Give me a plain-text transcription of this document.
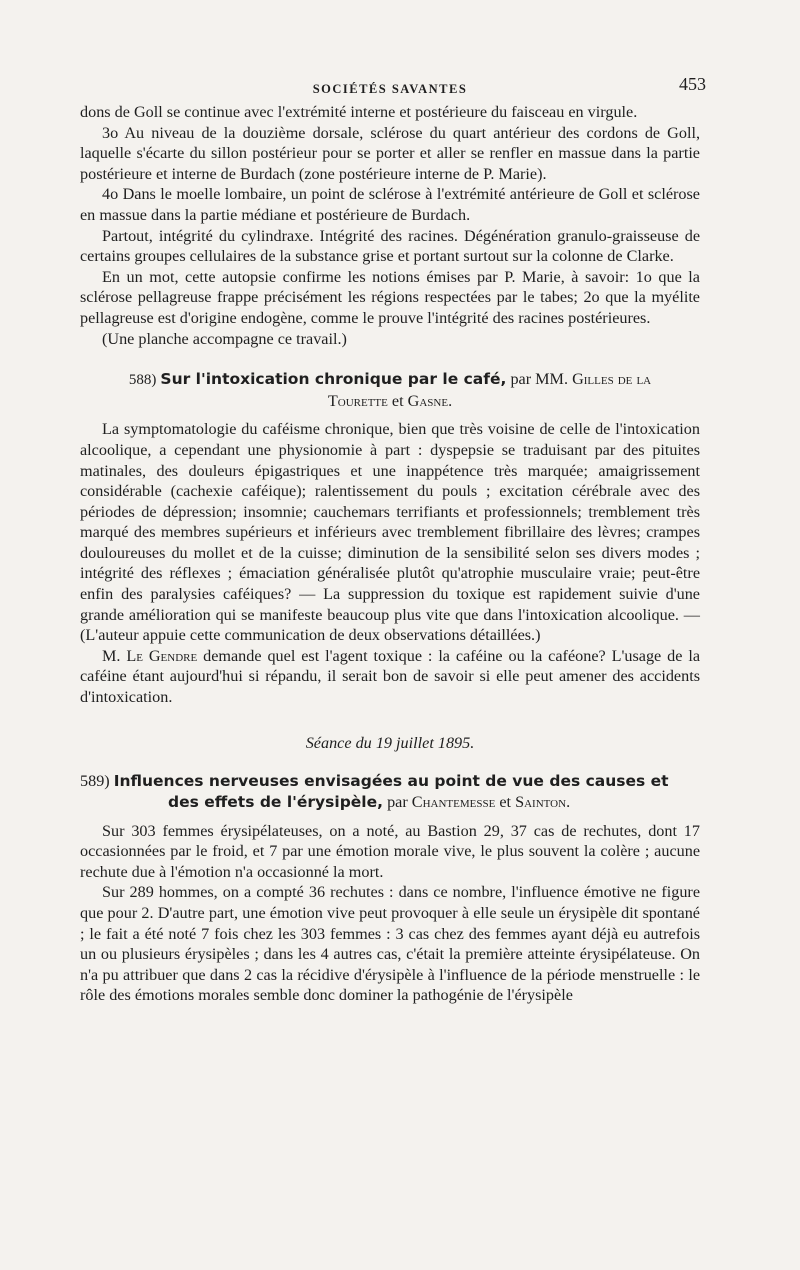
SOCIÉTÉS SAVANTES	453

dons de Goll se continue avec l'extrémité interne et postérieure du faisceau en virgule.

3o Au niveau de la douzième dorsale, sclérose du quart antérieur des cordons de Goll, laquelle s'écarte du sillon postérieur pour se porter et aller se renfler en massue dans la partie postérieure et interne de Burdach (zone postérieure interne de P. Marie).

4o Dans le moelle lombaire, un point de sclérose à l'extrémité antérieure de Goll et sclérose en massue dans la partie médiane et postérieure de Burdach.

Partout, intégrité du cylindraxe. Intégrité des racines. Dégénération granulo-graisseuse de certains groupes cellulaires de la substance grise et portant surtout sur la colonne de Clarke.

En un mot, cette autopsie confirme les notions émises par P. Marie, à savoir: 1o que la sclérose pellagreuse frappe précisément les régions respectées par le tabes; 2o que la myélite pellagreuse est d'origine endogène, comme le prouve l'intégrité des racines postérieures.

(Une planche accompagne ce travail.)

588) Sur l'intoxication chronique par le café, par MM. Gilles de la
Tourette et Gasne.

La symptomatologie du caféisme chronique, bien que très voisine de celle de l'intoxication alcoolique, a cependant une physionomie à part : dyspepsie se traduisant par des pituites matinales, des douleurs épigastriques et une inappétence très marquée; amaigrissement considérable (cachexie caféique); ralentissement du pouls ; excitation cérébrale avec des périodes de dépression; insomnie; cauchemars terrifiants et professionnels; tremblement très marqué des membres supérieurs et inférieurs avec tremblement fibrillaire des lèvres; crampes douloureuses du mollet et de la cuisse; diminution de la sensibilité selon ses divers modes ; intégrité des réflexes ; émaciation généralisée plutôt qu'atrophie musculaire vraie; peut-être enfin des paralysies caféiques? — La suppression du toxique est rapidement suivie d'une grande amélioration qui se manifeste beaucoup plus vite que dans l'intoxication alcoolique. — (L'auteur appuie cette communication de deux observations détaillées.)

M. Le Gendre demande quel est l'agent toxique : la caféine ou la caféone? L'usage de la caféine étant aujourd'hui si répandu, il serait bon de savoir si elle peut amener des accidents d'intoxication.

Séance du 19 juillet 1895.
589) Influences nerveuses envisagées au point de vue des causes et
des effets de l'érysipèle, par Chantemesse et Sainton.

Sur 303 femmes érysipélateuses, on a noté, au Bastion 29, 37 cas de rechutes, dont 17 occasionnées par le froid, et 7 par une émotion morale vive, le plus souvent la colère ; aucune rechute due à l'émotion n'a occasionné la mort.

Sur 289 hommes, on a compté 36 rechutes : dans ce nombre, l'influence émotive ne figure que pour 2. D'autre part, une émotion vive peut provoquer à elle seule un érysipèle dit spontané ; le fait a été noté 7 fois chez les 303 femmes : 3 cas chez des femmes ayant déjà eu autrefois un ou plusieurs érysipèles ; dans les 4 autres cas, c'était la première atteinte érysipélateuse. On n'a pu attribuer que dans 2 cas la récidive d'érysipèle à l'influence de la période menstruelle : le rôle des émotions morales semble donc dominer la pathogénie de l'érysipèle
